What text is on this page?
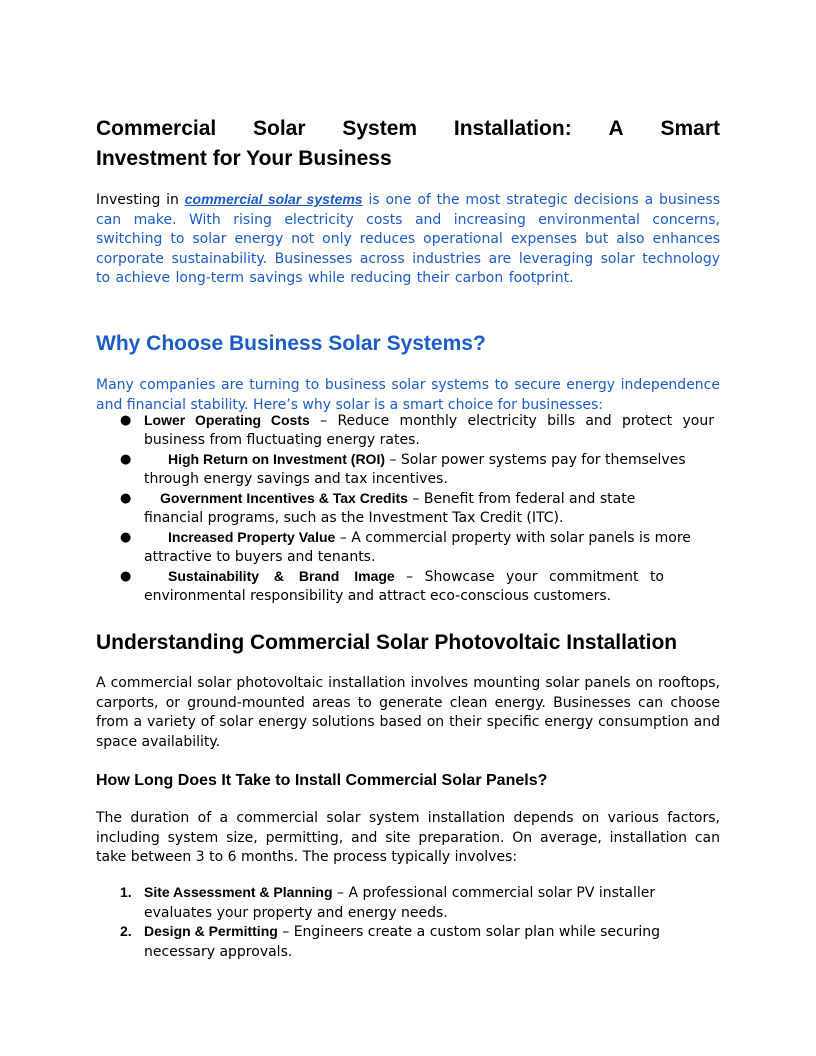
Commercial Solar System Installation: A Smart
Investment for Your Business
Investing in commercial solar systems is one of the most strategic decisions a business can make. With rising electricity costs and increasing environmental concerns, switching to solar energy not only reduces operational expenses but also enhances corporate sustainability. Businesses across industries are leveraging solar technology to achieve long-term savings while reducing their carbon footprint.
Why Choose Business Solar Systems?
Many companies are turning to business solar systems to secure energy independence and financial stability. Here’s why solar is a smart choice for businesses:
● Lower Operating Costs – Reduce monthly electricity bills and protect your business from fluctuating energy rates.
●	High Return on Investment (ROI) – Solar power systems pay for themselves through energy savings and tax incentives.
●	Government Incentives & Tax Credits – Benefit from federal and state financial programs, such as the Investment Tax Credit (ITC).
●	Increased Property Value – A commercial property with solar panels is more attractive to buyers and tenants.
●	Sustainability & Brand Image – Showcase your commitment to environmental responsibility and attract eco-conscious customers.
Understanding Commercial Solar Photovoltaic Installation
A commercial solar photovoltaic installation involves mounting solar panels on rooftops, carports, or ground-mounted areas to generate clean energy. Businesses can choose from a variety of solar energy solutions based on their specific energy consumption and space availability.
How Long Does It Take to Install Commercial Solar Panels?
The duration of a commercial solar system installation depends on various factors, including system size, permitting, and site preparation. On average, installation can take between 3 to 6 months. The process typically involves:
1. Site Assessment & Planning – A professional commercial solar PV installer evaluates your property and energy needs.
2. Design & Permitting – Engineers create a custom solar plan while securing necessary approvals.
